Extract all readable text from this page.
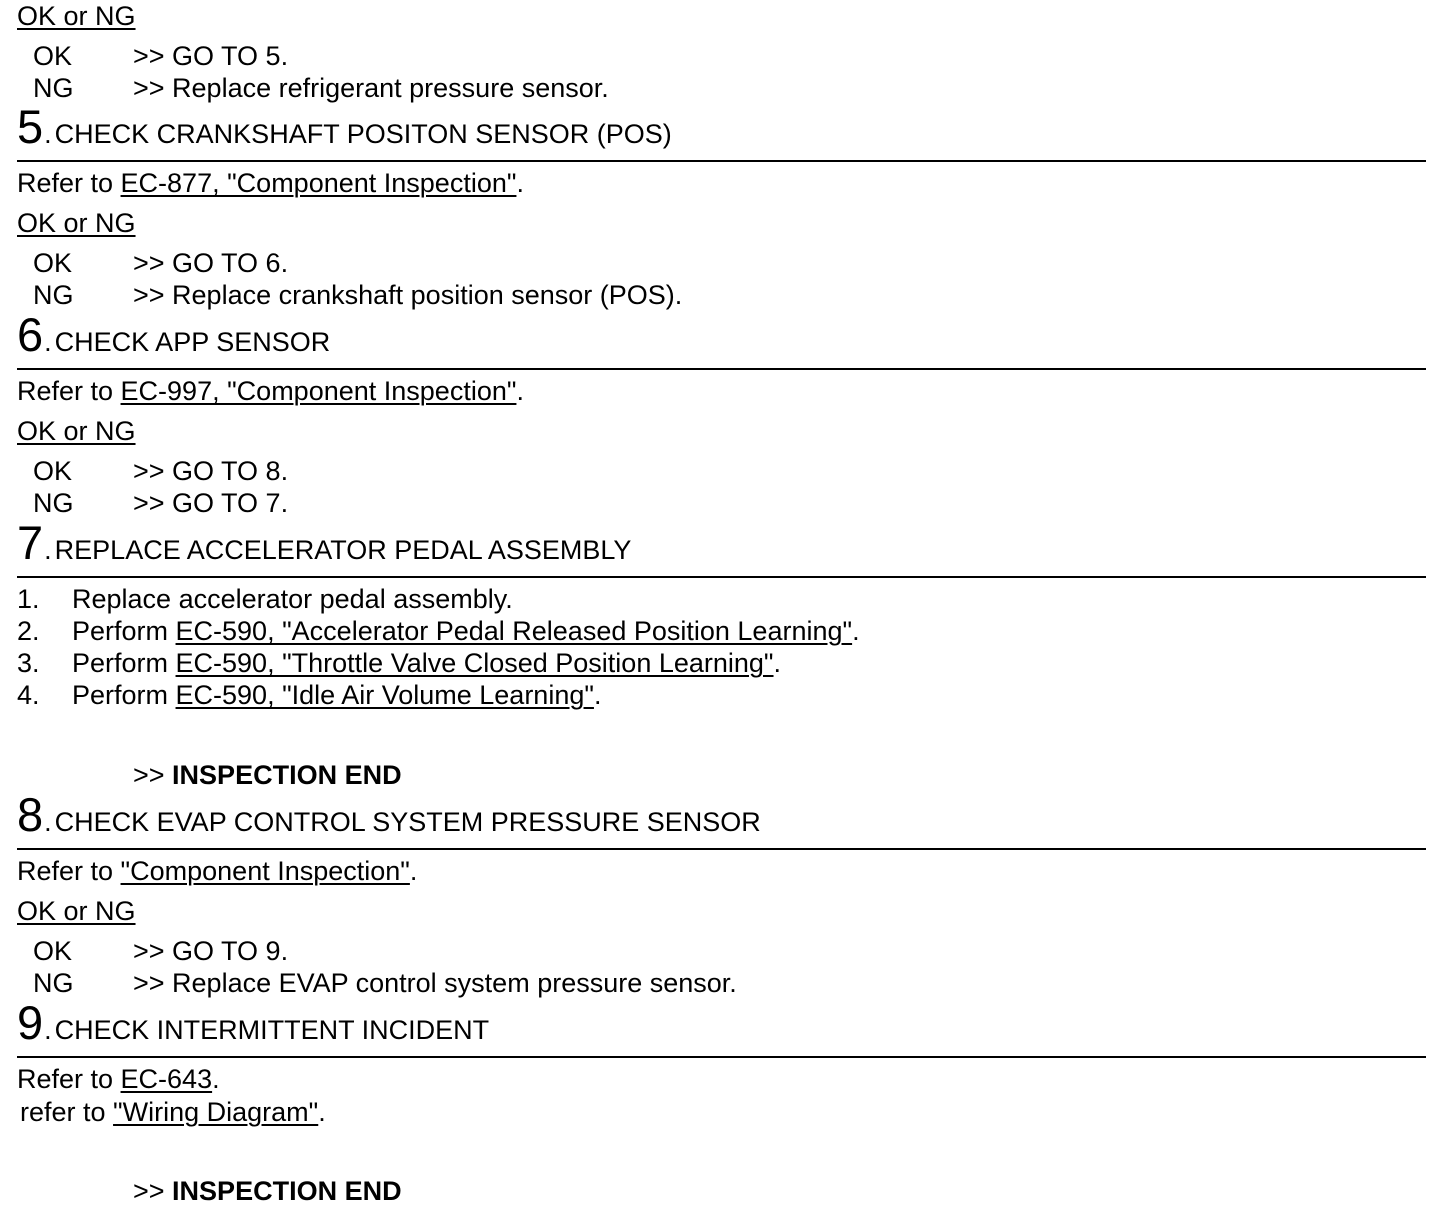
OK or NG
OK >> GO TO 5.
NG >> Replace refrigerant pressure sensor.
5 . CHECK CRANKSHAFT POSITON SENSOR (POS)
Refer to EC-877, "Component Inspection".
OK or NG
OK >> GO TO 6.
NG >> Replace crankshaft position sensor (POS).
6 . CHECK APP SENSOR
Refer to EC-997, "Component Inspection".
OK or NG
OK >> GO TO 8.
NG >> GO TO 7.
7 . REPLACE ACCELERATOR PEDAL ASSEMBLY
1. Replace accelerator pedal assembly.
2. Perform EC-590, "Accelerator Pedal Released Position Learning".
3. Perform EC-590, "Throttle Valve Closed Position Learning".
4. Perform EC-590, "Idle Air Volume Learning".
>> INSPECTION END
8 . CHECK EVAP CONTROL SYSTEM PRESSURE SENSOR
Refer to "Component Inspection".
OK or NG
OK >> GO TO 9.
NG >> Replace EVAP control system pressure sensor.
9 . CHECK INTERMITTENT INCIDENT
Refer to EC-643.
refer to "Wiring Diagram".
>> INSPECTION END
